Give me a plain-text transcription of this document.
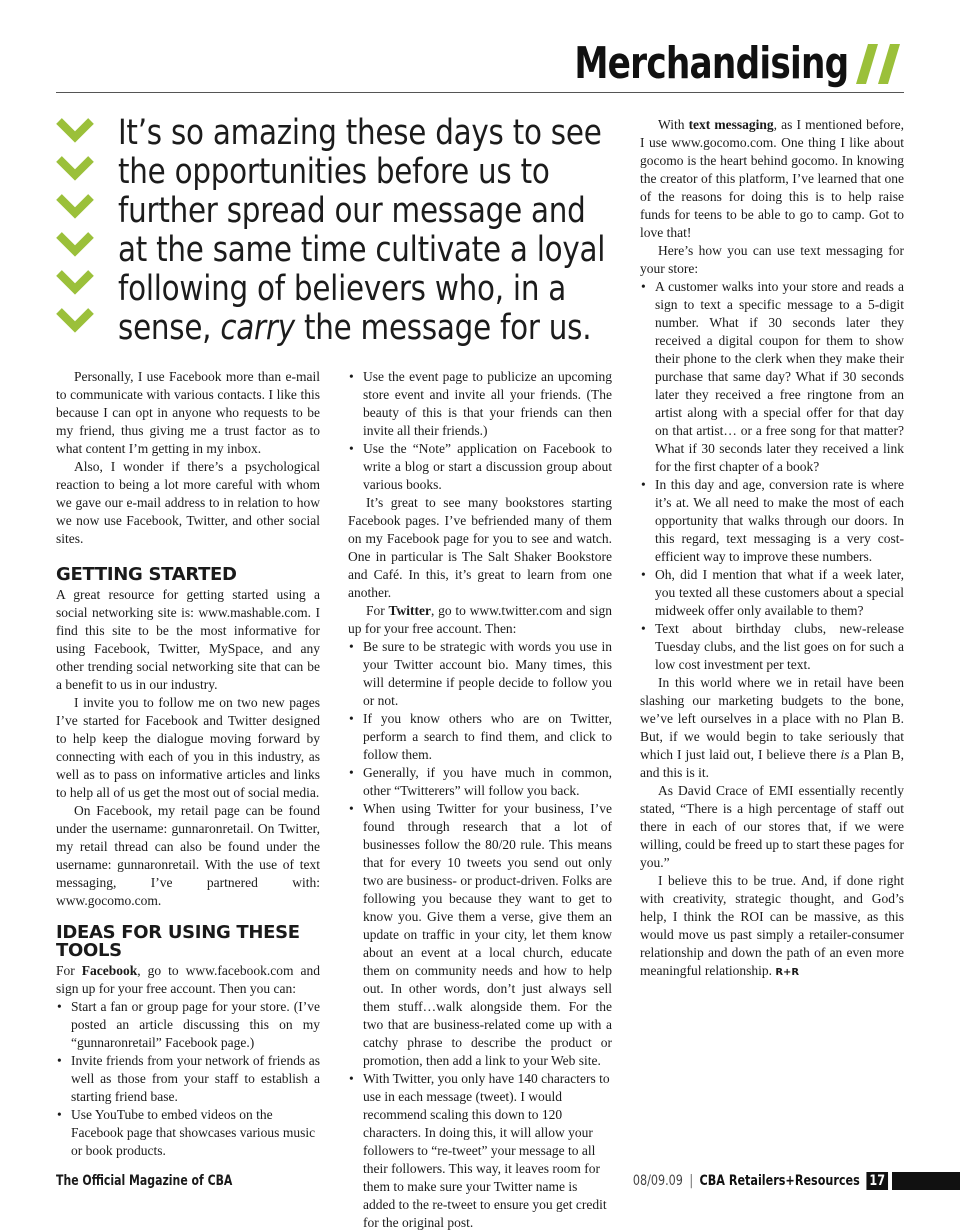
Merchandising
It’s so amazing these days to see
the opportunities before us to
further spread our message and
at the same time cultivate a loyal
following of believers who, in a
sense, carry the message for us.

Personally, I use Facebook more than e-mail to communicate with various contacts. I like this because I can opt in anyone who requests to be my friend, thus giving me a trust factor as to what content I’m getting in my inbox.

Also, I wonder if there’s a psychological reaction to being a lot more careful with whom we gave our e-mail address to in relation to how we now use Facebook, Twitter, and other social sites.

GETTING STARTED

A great resource for getting started using a social networking site is: www.mashable.com. I find this site to be the most informative for using Facebook, Twitter, MySpace, and any other trending social networking site that can be a benefit to us in our industry.

I invite you to follow me on two new pages I’ve started for Facebook and Twitter designed to help keep the dialogue moving forward by connecting with each of you in this industry, as well as to pass on informative articles and links to help all of us get the most out of social media.

On Facebook, my retail page can be found under the username: gunnaronretail. On Twitter, my retail thread can also be found under the username: gunnaronretail. With the use of text messaging, I’ve partnered with: www.gocomo.com.

IDEAS FOR USING THESE TOOLS

For Facebook, go to www.facebook.com and sign up for your free account. Then you can:

• Start a fan or group page for your store. (I’ve posted an article discussing this on my “gunnaronretail” Facebook page.)
• Invite friends from your network of friends as well as those from your staff to establish a starting friend base.
• Use YouTube to embed videos on the Facebook page that showcases various music or book products.
• Use the event page to publicize an upcoming store event and invite all your friends. (The beauty of this is that your friends can then invite all their friends.)
• Use the “Note” application on Facebook to write a blog or start a discussion group about various books.

It’s great to see many bookstores starting Facebook pages. I’ve befriended many of them on my Facebook page for you to see and watch. One in particular is The Salt Shaker Bookstore and Café. In this, it’s great to learn from one another.

For Twitter, go to www.twitter.com and sign up for your free account. Then:

• Be sure to be strategic with words you use in your Twitter account bio. Many times, this will determine if people decide to follow you or not.
• If you know others who are on Twitter, perform a search to find them, and click to follow them.
• Generally, if you have much in common, other “Twitterers” will follow you back.
• When using Twitter for your business, I’ve found through research that a lot of businesses follow the 80/20 rule. This means that for every 10 tweets you send out only two are business- or product-driven. Folks are following you because they want to get to know you. Give them a verse, give them an update on traffic in your city, let them know about an event at a local church, educate them on community needs and how to help out. In other words, don’t just always sell them stuff…walk alongside them. For the two that are business-related come up with a catchy phrase to describe the product or promotion, then add a link to your Web site.
• With Twitter, you only have 140 characters to use in each message (tweet). I would recommend scaling this down to 120 characters. In doing this, it will allow your followers to “re-tweet” your message to all their followers. This way, it leaves room for them to make sure your Twitter name is added to the re-tweet to ensure you get credit for the original post.

With text messaging, as I mentioned before, I use www.gocomo.com. One thing I like about gocomo is the heart behind gocomo. In knowing the creator of this platform, I’ve learned that one of the reasons for doing this is to help raise funds for teens to be able to go to camp. Got to love that!

Here’s how you can use text messaging for your store:

• A customer walks into your store and reads a sign to text a specific message to a 5-digit number. What if 30 seconds later they received a digital coupon for them to show their phone to the clerk when they make their purchase that same day? What if 30 seconds later they received a free ringtone from an artist along with a special offer for that day on that artist… or a free song for that matter? What if 30 seconds later they received a link for the first chapter of a book?
• In this day and age, conversion rate is where it’s at. We all need to make the most of each opportunity that walks through our doors. In this regard, text messaging is a very cost-efficient way to improve these numbers.
• Oh, did I mention that what if a week later, you texted all these customers about a special midweek offer only available to them?
• Text about birthday clubs, new-release Tuesday clubs, and the list goes on for such a low cost investment per text.

In this world where we in retail have been slashing our marketing budgets to the bone, we’ve left ourselves in a place with no Plan B. But, if we would begin to take seriously that which I just laid out, I believe there is a Plan B, and this is it.

As David Crace of EMI essentially recently stated, “There is a high percentage of staff out there in each of our stores that, if we were willing, could be freed up to start these pages for you.”

I believe this to be true. And, if done right with creativity, strategic thought, and God’s help, I think the ROI can be massive, as this would move us past simply a retailer-consumer relationship and down the path of an even more meaningful relationship. R+R

The Official Magazine of CBA	08/09.09 | CBA Retailers+Resources 17
